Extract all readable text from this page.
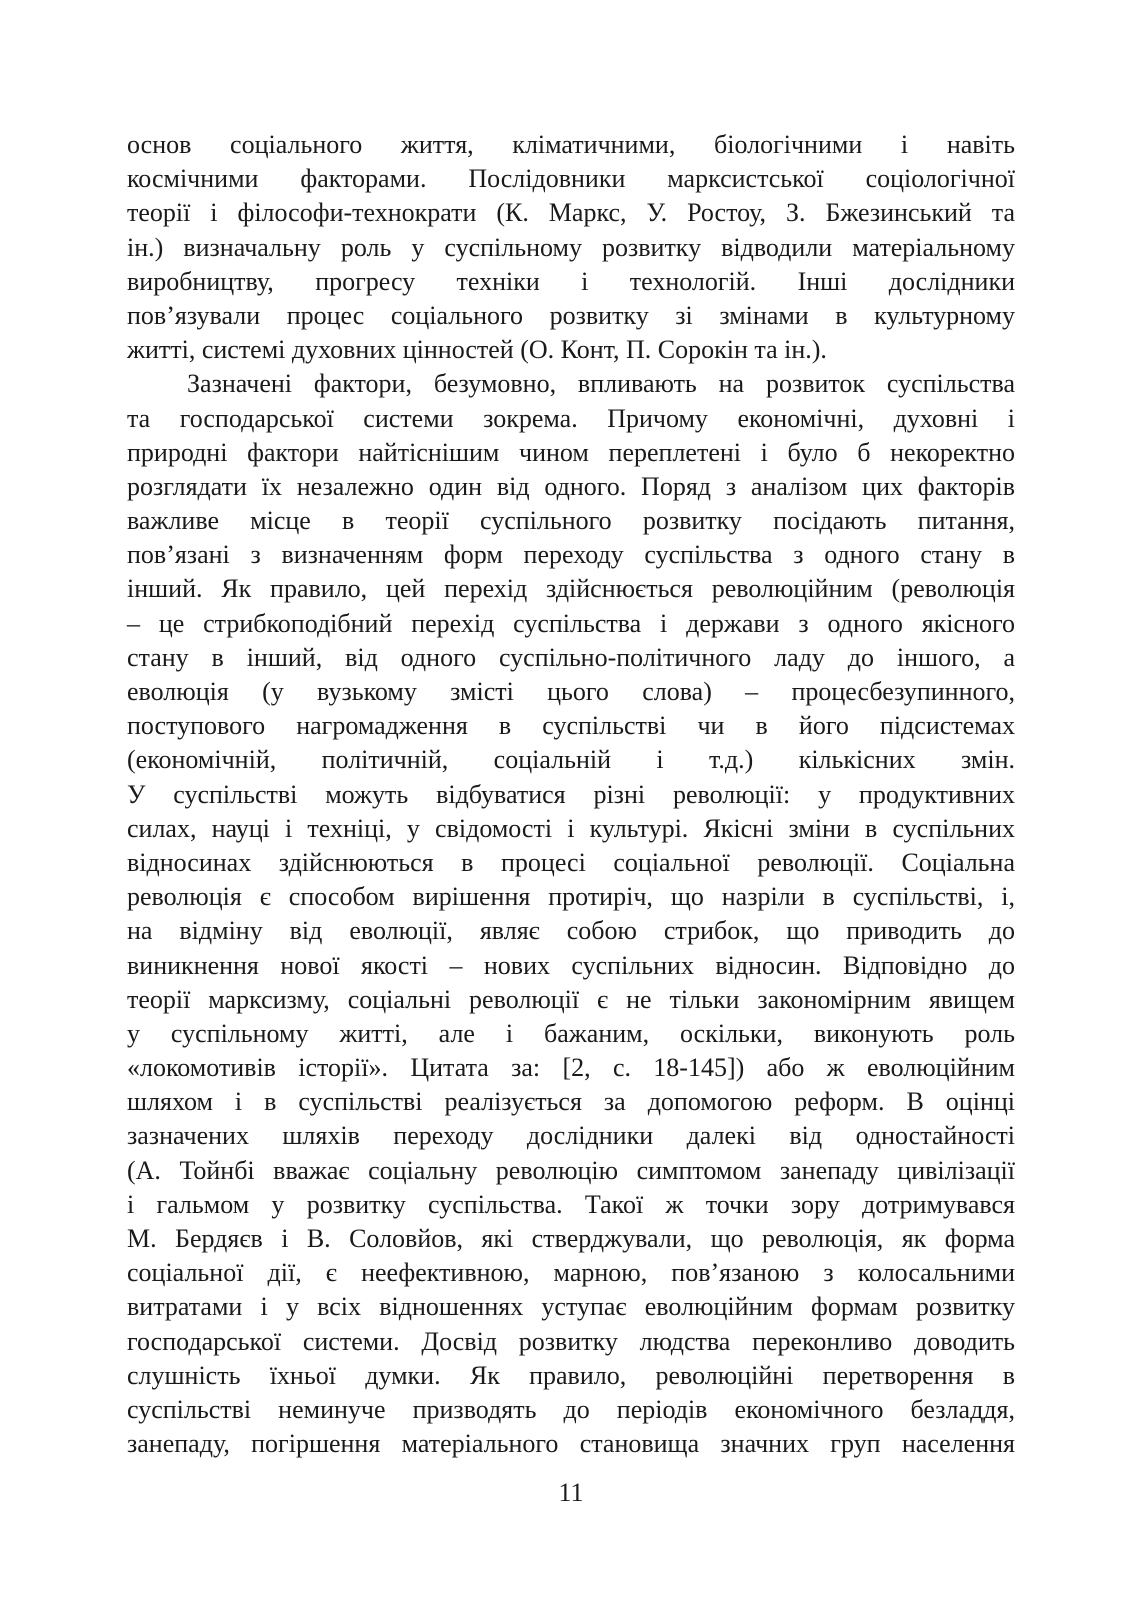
основ соціального життя, кліматичними, біологічними і навіть
космічними факторами. Послідовники марксистської соціологічної
теорії і філософи-технократи (К. Маркс, У. Ростоу, З. Бжезинський та
ін.) визначальну роль у суспільному розвитку відводили матеріальному
виробництву, прогресу техніки і технологій. Інші дослідники
пов’язували процес соціального розвитку зі змінами в культурному
житті, системі духовних цінностей (О. Конт, П. Сорокін та ін.).
Зазначені фактори, безумовно, впливають на розвиток суспільства
та господарської системи зокрема. Причому економічні, духовні і
природні фактори найтіснішим чином переплетені і було б некоректно
розглядати їх незалежно один від одного. Поряд з аналізом цих факторів
важливе місце в теорії суспільного розвитку посідають питання,
пов’язані з визначенням форм переходу суспільства з одного стану в
інший. Як правило, цей перехід здійснюється революційним (революція
– це стрибкоподібний перехід суспільства і держави з одного якісного
стану в інший, від одного суспільно-політичного ладу до іншого, а
еволюція (у вузькому змісті цього слова) – процесбезупинного,
поступового нагромадження в суспільстві чи в його підсистемах
(економічній, політичній, соціальній і т.д.) кількісних змін.
У суспільстві можуть відбуватися різні революції: у продуктивних
силах, науці і техніці, у свідомості і культурі. Якісні зміни в суспільних
відносинах здійснюються в процесі соціальної революції. Соціальна
революція є способом вирішення протиріч, що назріли в суспільстві, і,
на відміну від еволюції, являє собою стрибок, що приводить до
виникнення нової якості – нових суспільних відносин. Відповідно до
теорії марксизму, соціальні революції є не тільки закономірним явищем
у суспільному житті, але і бажаним, оскільки, виконують роль
«локомотивів історії». Цитата за: [2, с. 18-145]) або ж еволюційним
шляхом і в суспільстві реалізується за допомогою реформ. В оцінці
зазначених шляхів переходу дослідники далекі від одностайності
(А. Тойнбі вважає соціальну революцію симптомом занепаду цивілізації
і гальмом у розвитку суспільства. Такої ж точки зору дотримувався
М. Бердяєв і В. Соловйов, які стверджували, що революція, як форма
соціальної дії, є неефективною, марною, пов’язаною з колосальними
витратами і у всіх відношеннях уступає еволюційним формам розвитку
господарської системи. Досвід розвитку людства переконливо доводить
слушність їхньої думки. Як правило, революційні перетворення в
суспільстві неминуче призводять до періодів економічного безладдя,
занепаду, погіршення матеріального становища значних груп населення
11
